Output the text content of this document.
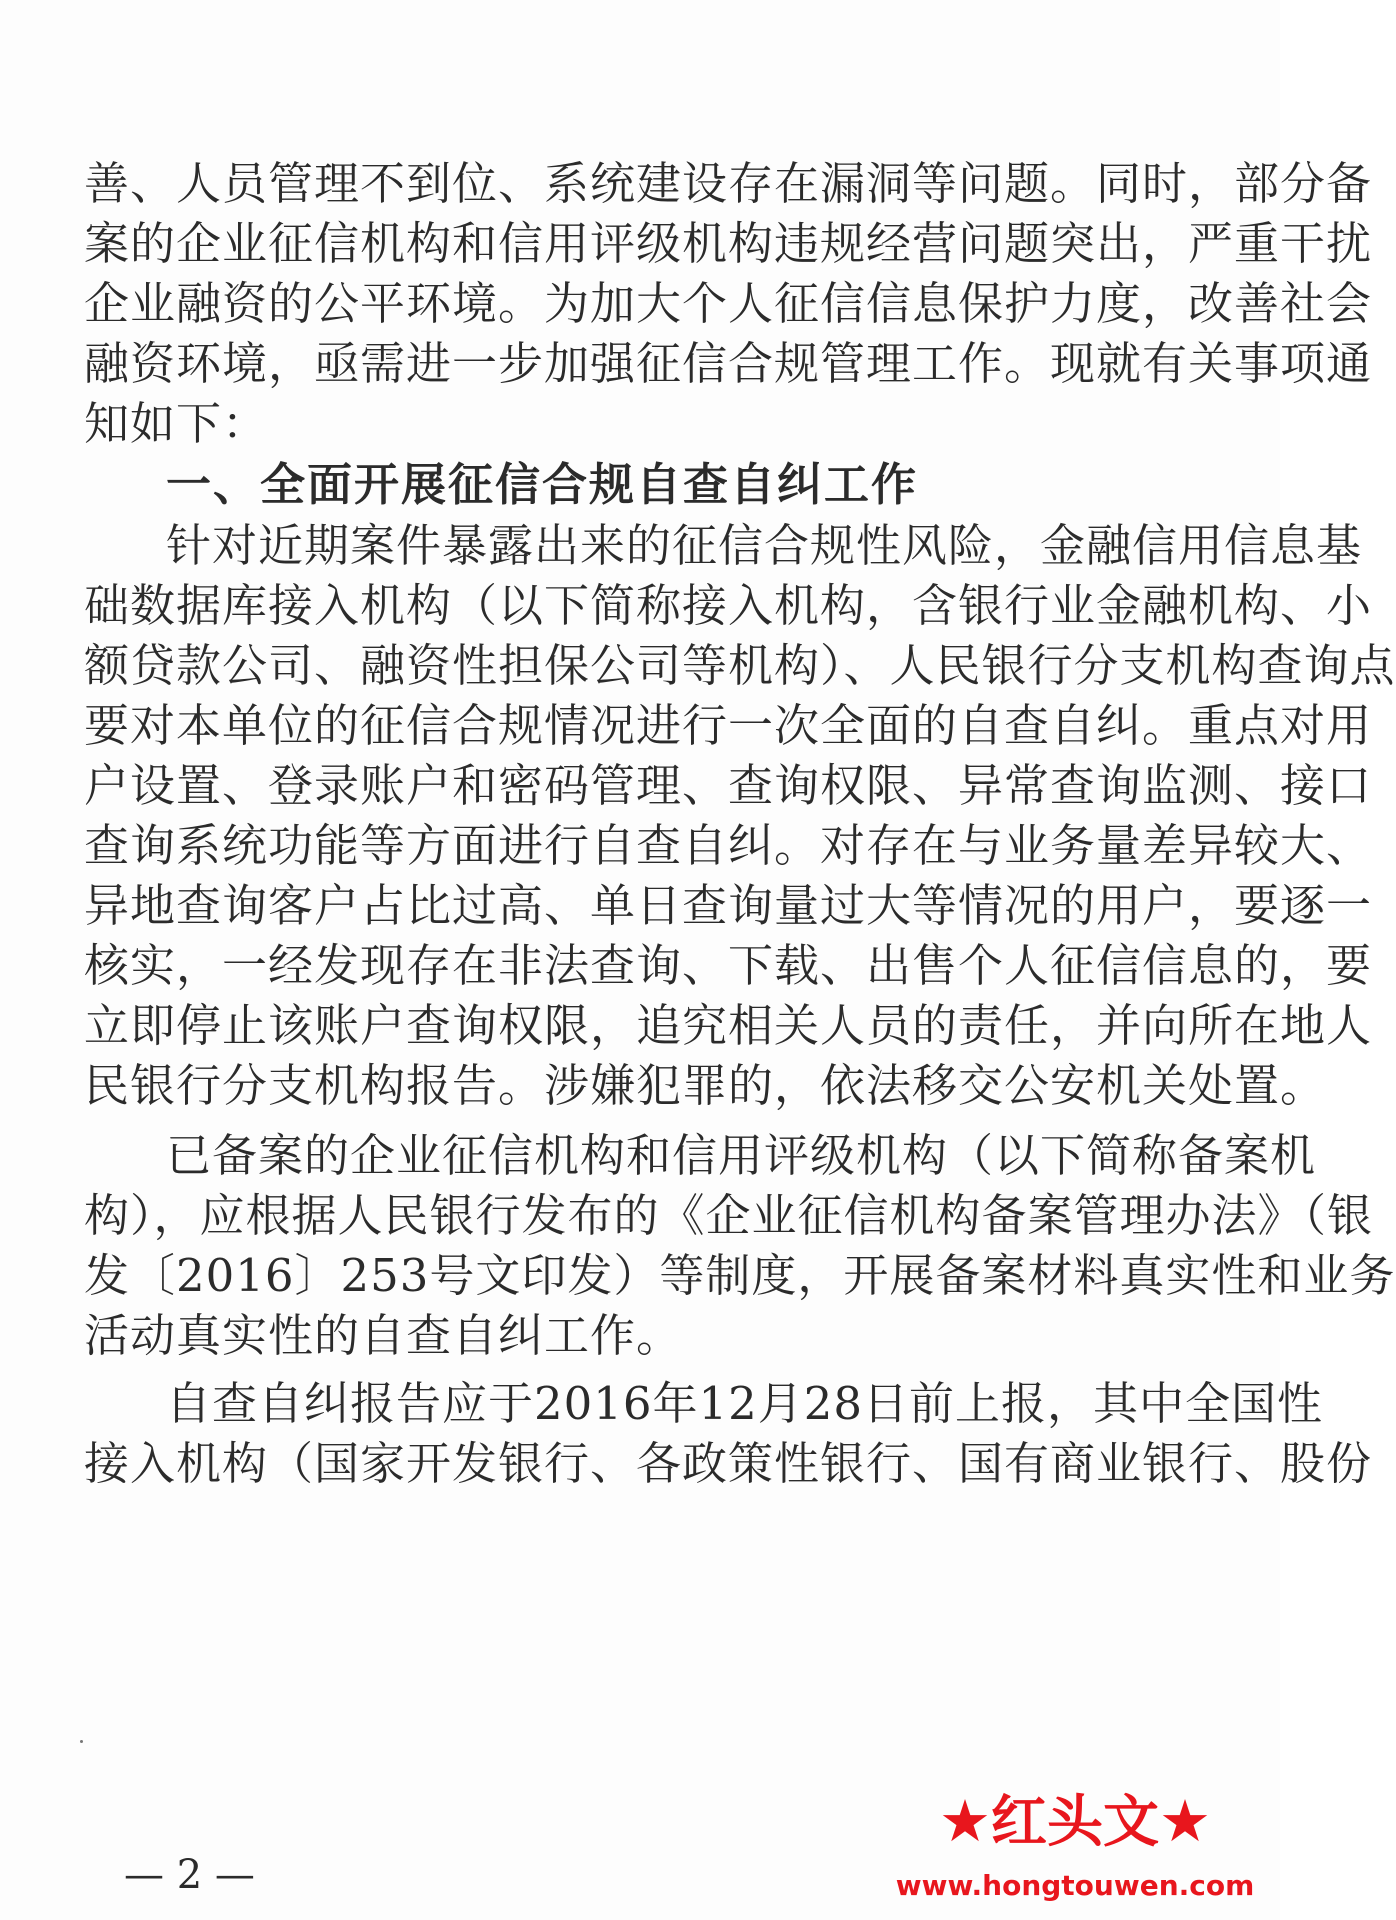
善、人员管理不到位、系统建设存在漏洞等问题。同时，部分备
案的企业征信机构和信用评级机构违规经营问题突出，严重干扰
企业融资的公平环境。为加大个人征信信息保护力度，改善社会
融资环境，亟需进一步加强征信合规管理工作。现就有关事项通
知如下：
一、全面开展征信合规自查自纠工作
针对近期案件暴露出来的征信合规性风险，金融信用信息基
础数据库接入机构（以下简称接入机构，含银行业金融机构、小
额贷款公司、融资性担保公司等机构）、人民银行分支机构查询点
要对本单位的征信合规情况进行一次全面的自查自纠。重点对用
户设置、登录账户和密码管理、查询权限、异常查询监测、接口
查询系统功能等方面进行自查自纠。对存在与业务量差异较大、
异地查询客户占比过高、单日查询量过大等情况的用户，要逐一
核实，一经发现存在非法查询、下载、出售个人征信信息的，要
立即停止该账户查询权限，追究相关人员的责任，并向所在地人
民银行分支机构报告。涉嫌犯罪的，依法移交公安机关处置。
已备案的企业征信机构和信用评级机构（以下简称备案机
构），应根据人民银行发布的《企业征信机构备案管理办法》（银
发〔2016〕253号文印发）等制度，开展备案材料真实性和业务
活动真实性的自查自纠工作。
自查自纠报告应于2016年12月28日前上报，其中全国性
接入机构（国家开发银行、各政策性银行、国有商业银行、股份
— 2 —
★红头文★
www.hongtouwen.com
